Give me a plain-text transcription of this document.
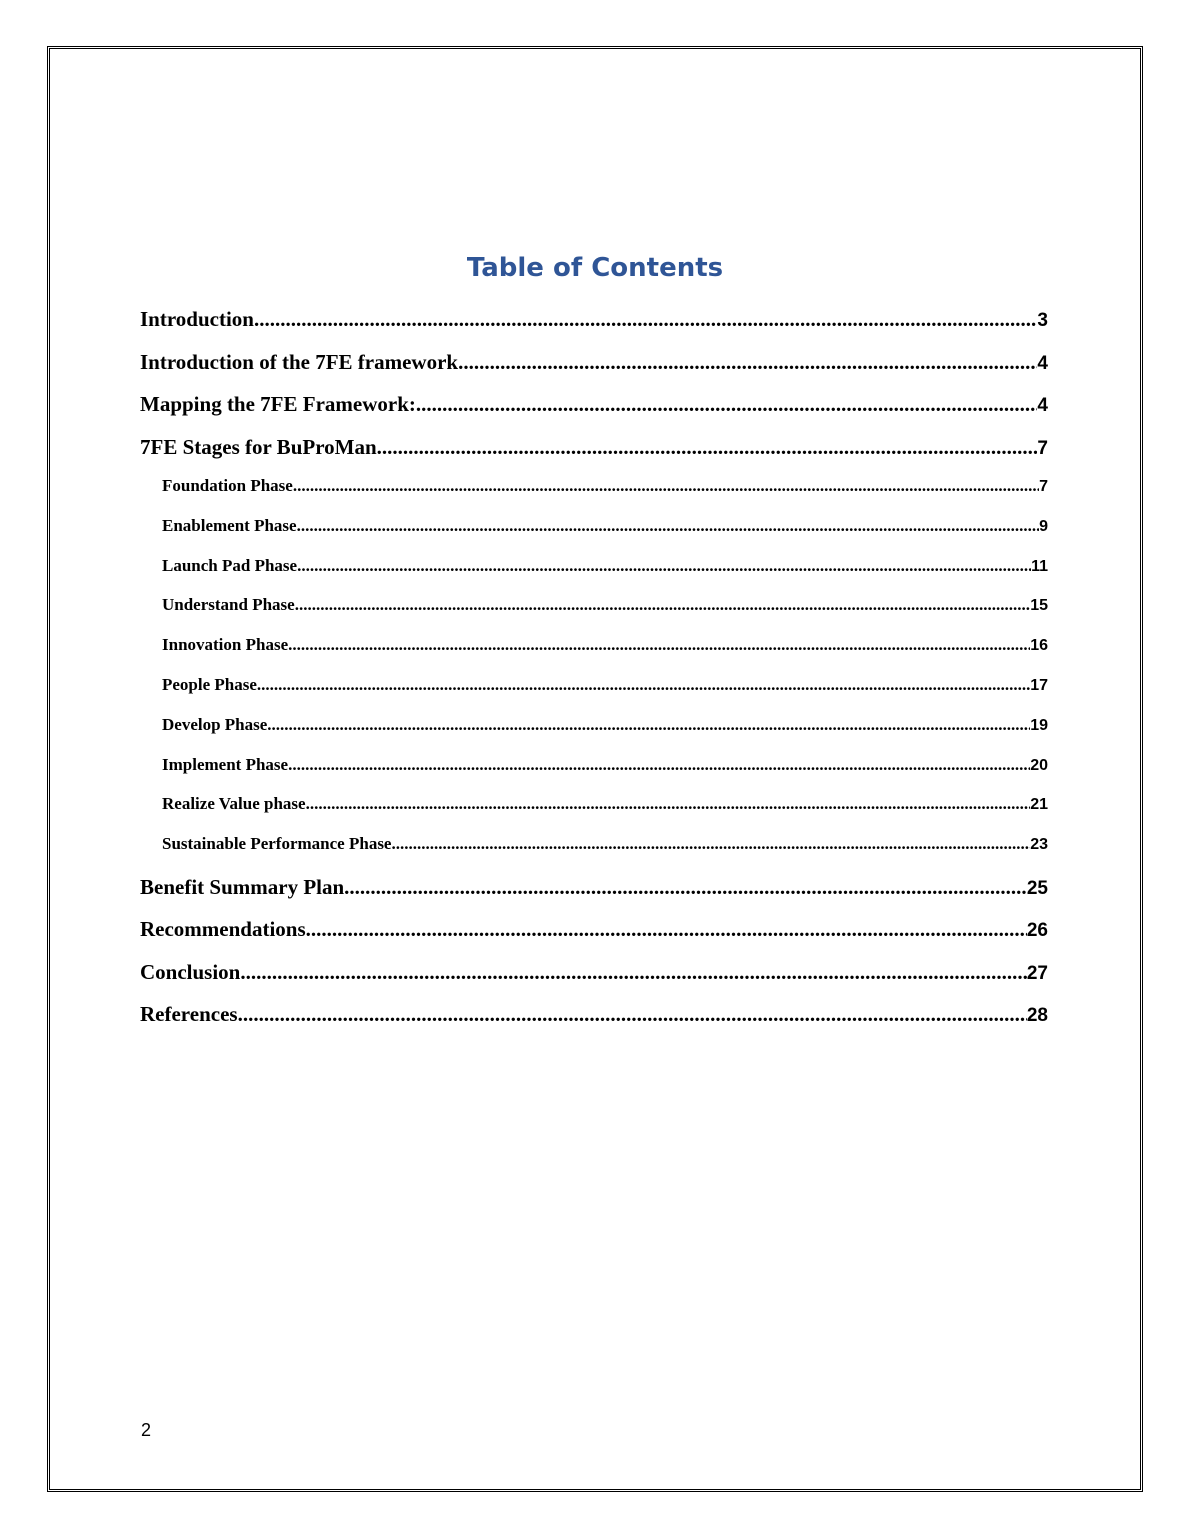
Table of Contents
Introduction .....	3
Introduction of the 7FE framework .....	4
Mapping the 7FE Framework: .....	4
7FE Stages for BuProMan .....	7
Foundation Phase .....	7
Enablement Phase .....	9
Launch Pad Phase .....	11
Understand Phase .....	15
Innovation Phase .....	16
People Phase .....	17
Develop Phase .....	19
Implement Phase .....	20
Realize Value phase .....	21
Sustainable Performance Phase .....	23
Benefit Summary Plan .....	25
Recommendations .....	26
Conclusion .....	27
References .....	28
2
